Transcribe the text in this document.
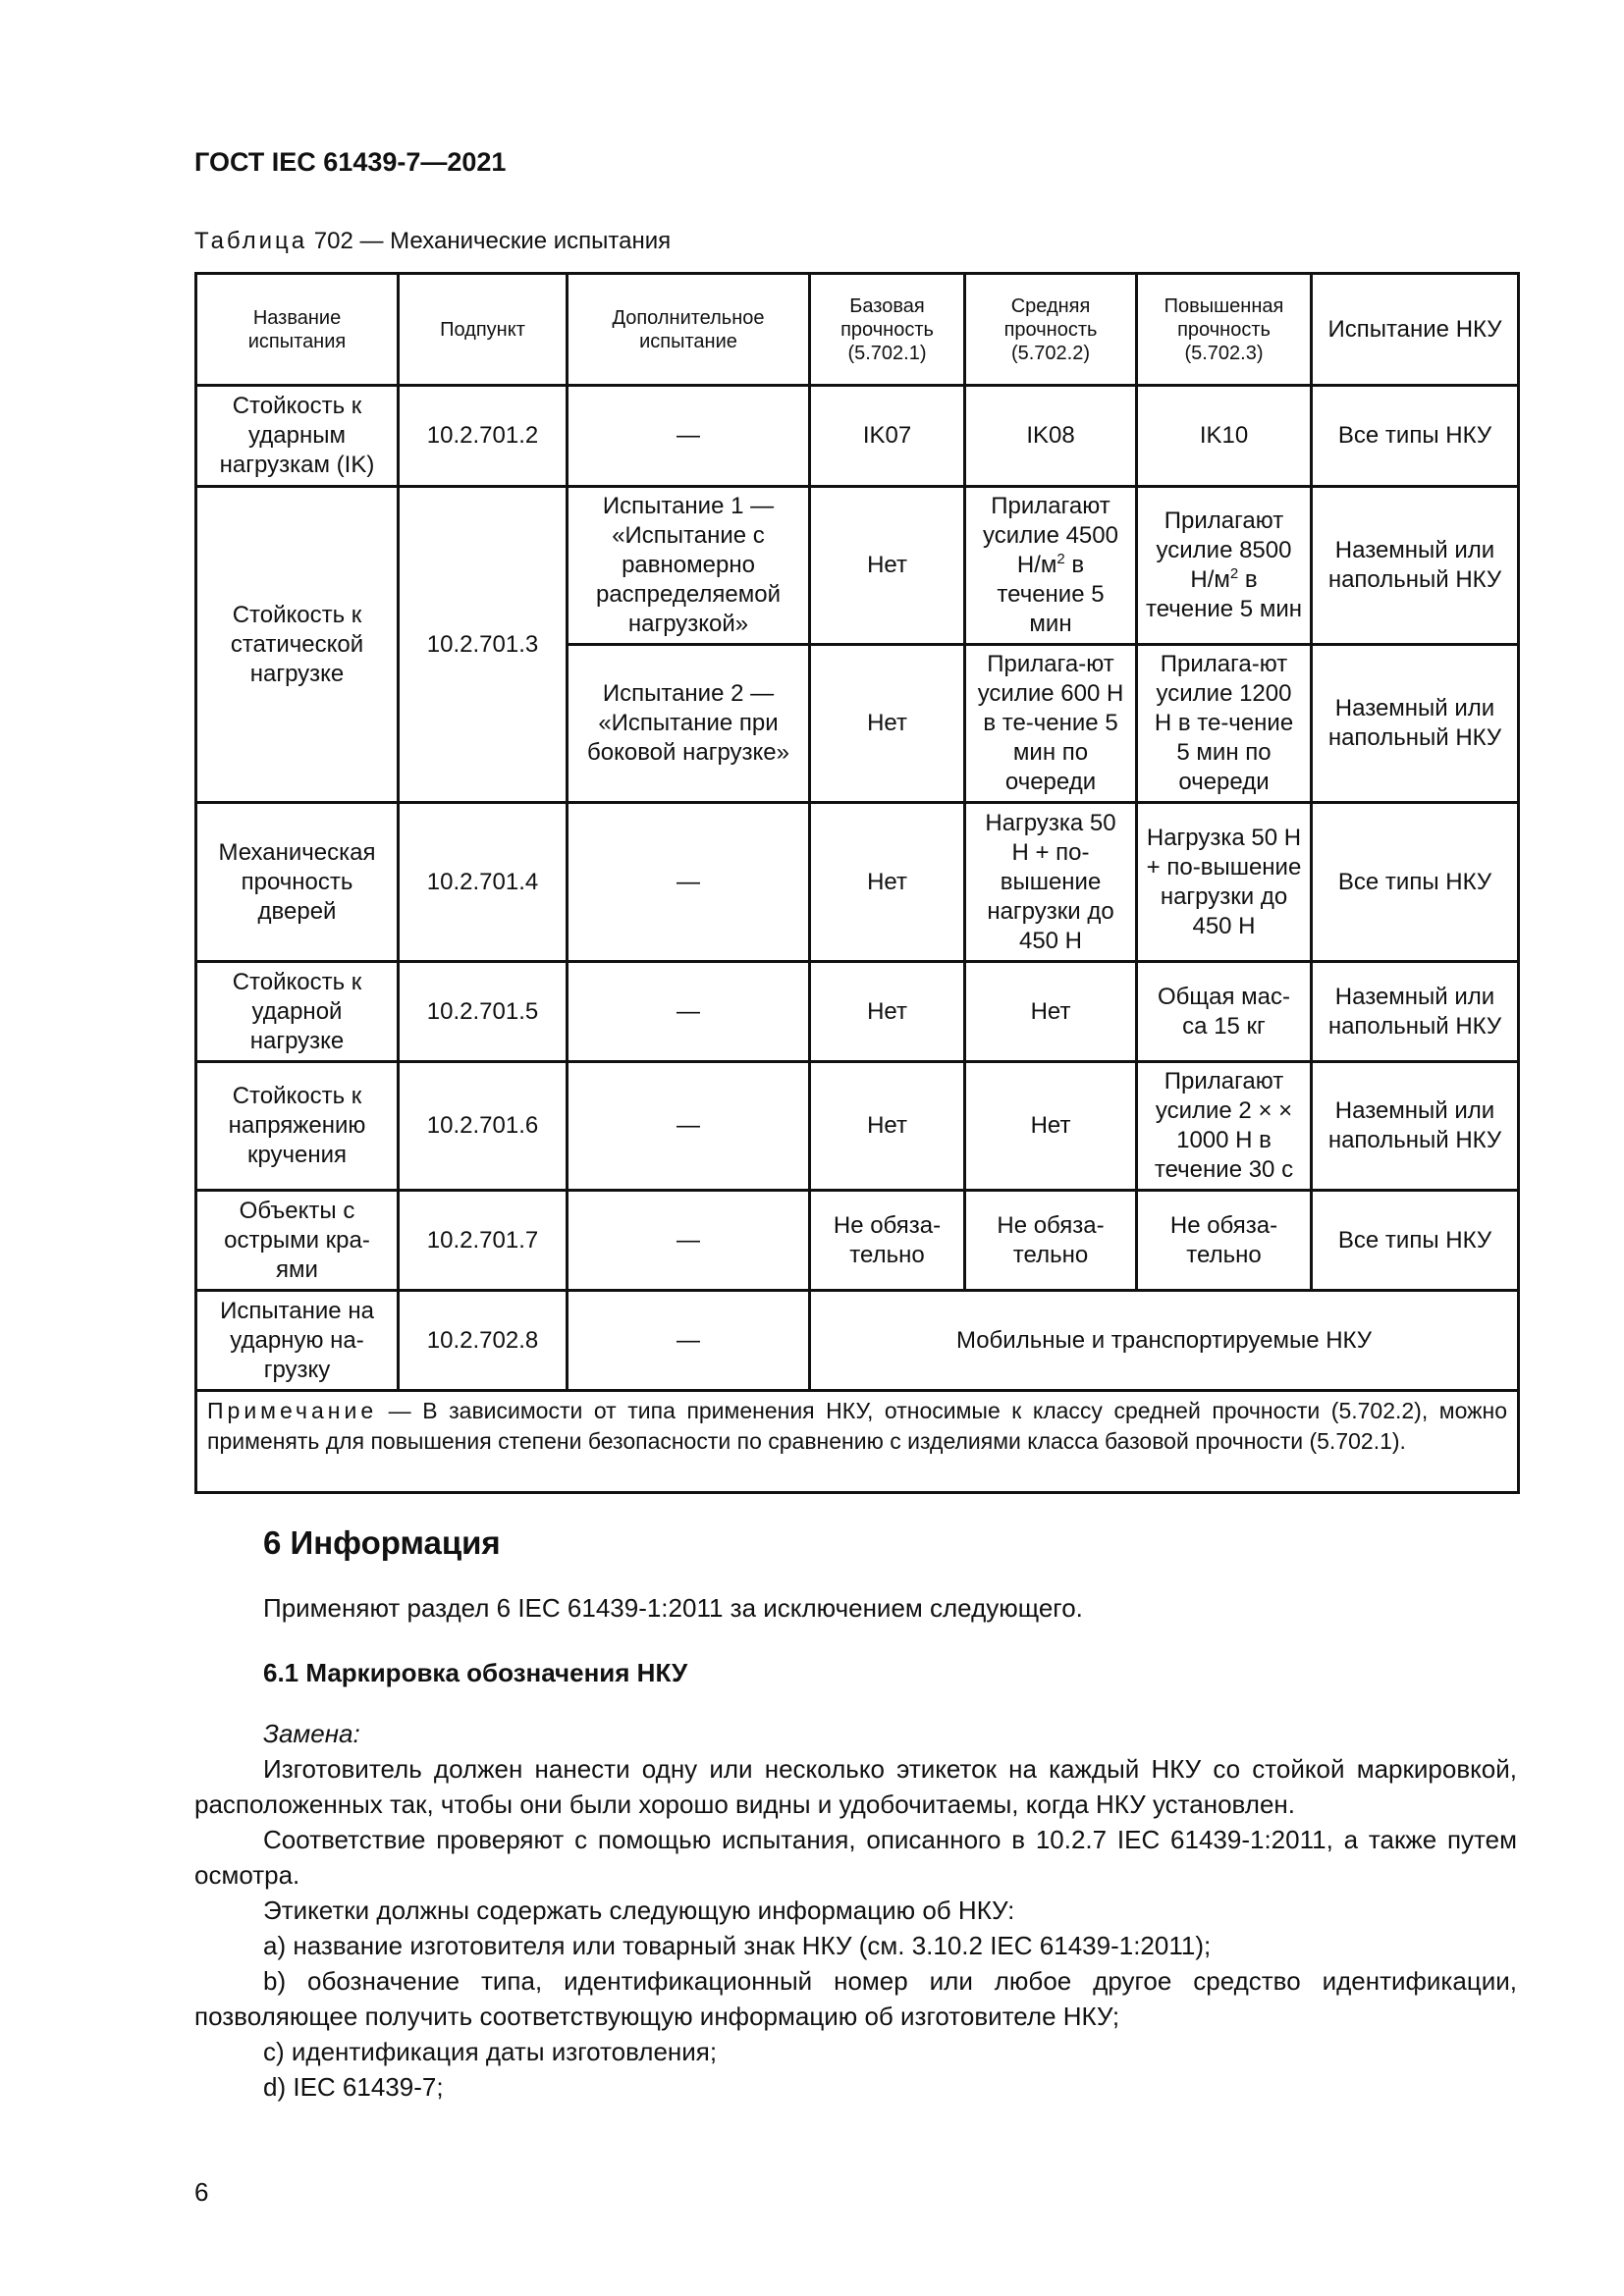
ГОСТ IEC 61439-7—2021
Таблица 702 — Механические испытания
Название испытания	Подпункт	Дополнительное испытание	Базовая прочность (5.702.1)	Средняя прочность (5.702.2)	Повышенная прочность (5.702.3)	Испытание НКУ
Стойкость к ударным нагрузкам (IK)	10.2.701.2	—	IK07	IK08	IK10	Все типы НКУ
Стойкость к статической нагрузке	10.2.701.3	Испытание 1 — «Испытание с равномерно распределяемой нагрузкой»	Нет	Прилагают усилие 4500 $Н/м^2$ в течение 5 мин	Прилагают усилие 8500 $Н/м^2$ в течение 5 мин	Наземный или напольный НКУ
		Испытание 2 — «Испытание при боковой нагрузке»	Нет	Прилага-ют усилие 600 Н в те-чение 5 мин по очереди	Прилага-ют усилие 1200 Н в те-чение 5 мин по очереди	Наземный или напольный НКУ
Механическая прочность дверей	10.2.701.4	—	Нет	Нагрузка 50 Н + по-вышение нагрузки до 450 Н	Нагрузка 50 Н + по-вышение нагрузки до 450 Н	Все типы НКУ
Стойкость к ударной нагрузке	10.2.701.5	—	Нет	Нет	Общая мас-са 15 кг	Наземный или напольный НКУ
Стойкость к напряжению кручения	10.2.701.6	—	Нет	Нет	Прилагают усилие 2 × × 1000 Н в течение 30 с	Наземный или напольный НКУ
Объекты с острыми кра-ями	10.2.701.7	—	Не обяза-тельно	Не обяза-тельно	Не обяза-тельно	Все типы НКУ
Испытание на ударную на-грузку	10.2.702.8	—	Мобильные и транспортируемые НКУ			
Примечание — В зависимости от типа применения НКУ, относимые к классу средней прочности (5.702.2), можно применять для повышения степени безопасности по сравнению с изделиями класса базовой прочности (5.702.1).						
6 Информация
Применяют раздел 6 IEC 61439-1:2011 за исключением следующего.
6.1 Маркировка обозначения НКУ
Замена:
Изготовитель должен нанести одну или несколько этикеток на каждый НКУ со стойкой маркировкой, расположенных так, чтобы они были хорошо видны и удобочитаемы, когда НКУ установлен.
Соответствие проверяют с помощью испытания, описанного в 10.2.7 IEC 61439-1:2011, а также путем осмотра.
Этикетки должны содержать следующую информацию об НКУ:
a) название изготовителя или товарный знак НКУ (см. 3.10.2 IEC 61439-1:2011);
b) обозначение типа, идентификационный номер или любое другое средство идентификации, позволяющее получить соответствующую информацию об изготовителе НКУ;
c) идентификация даты изготовления;
d) IEC 61439-7;
6
